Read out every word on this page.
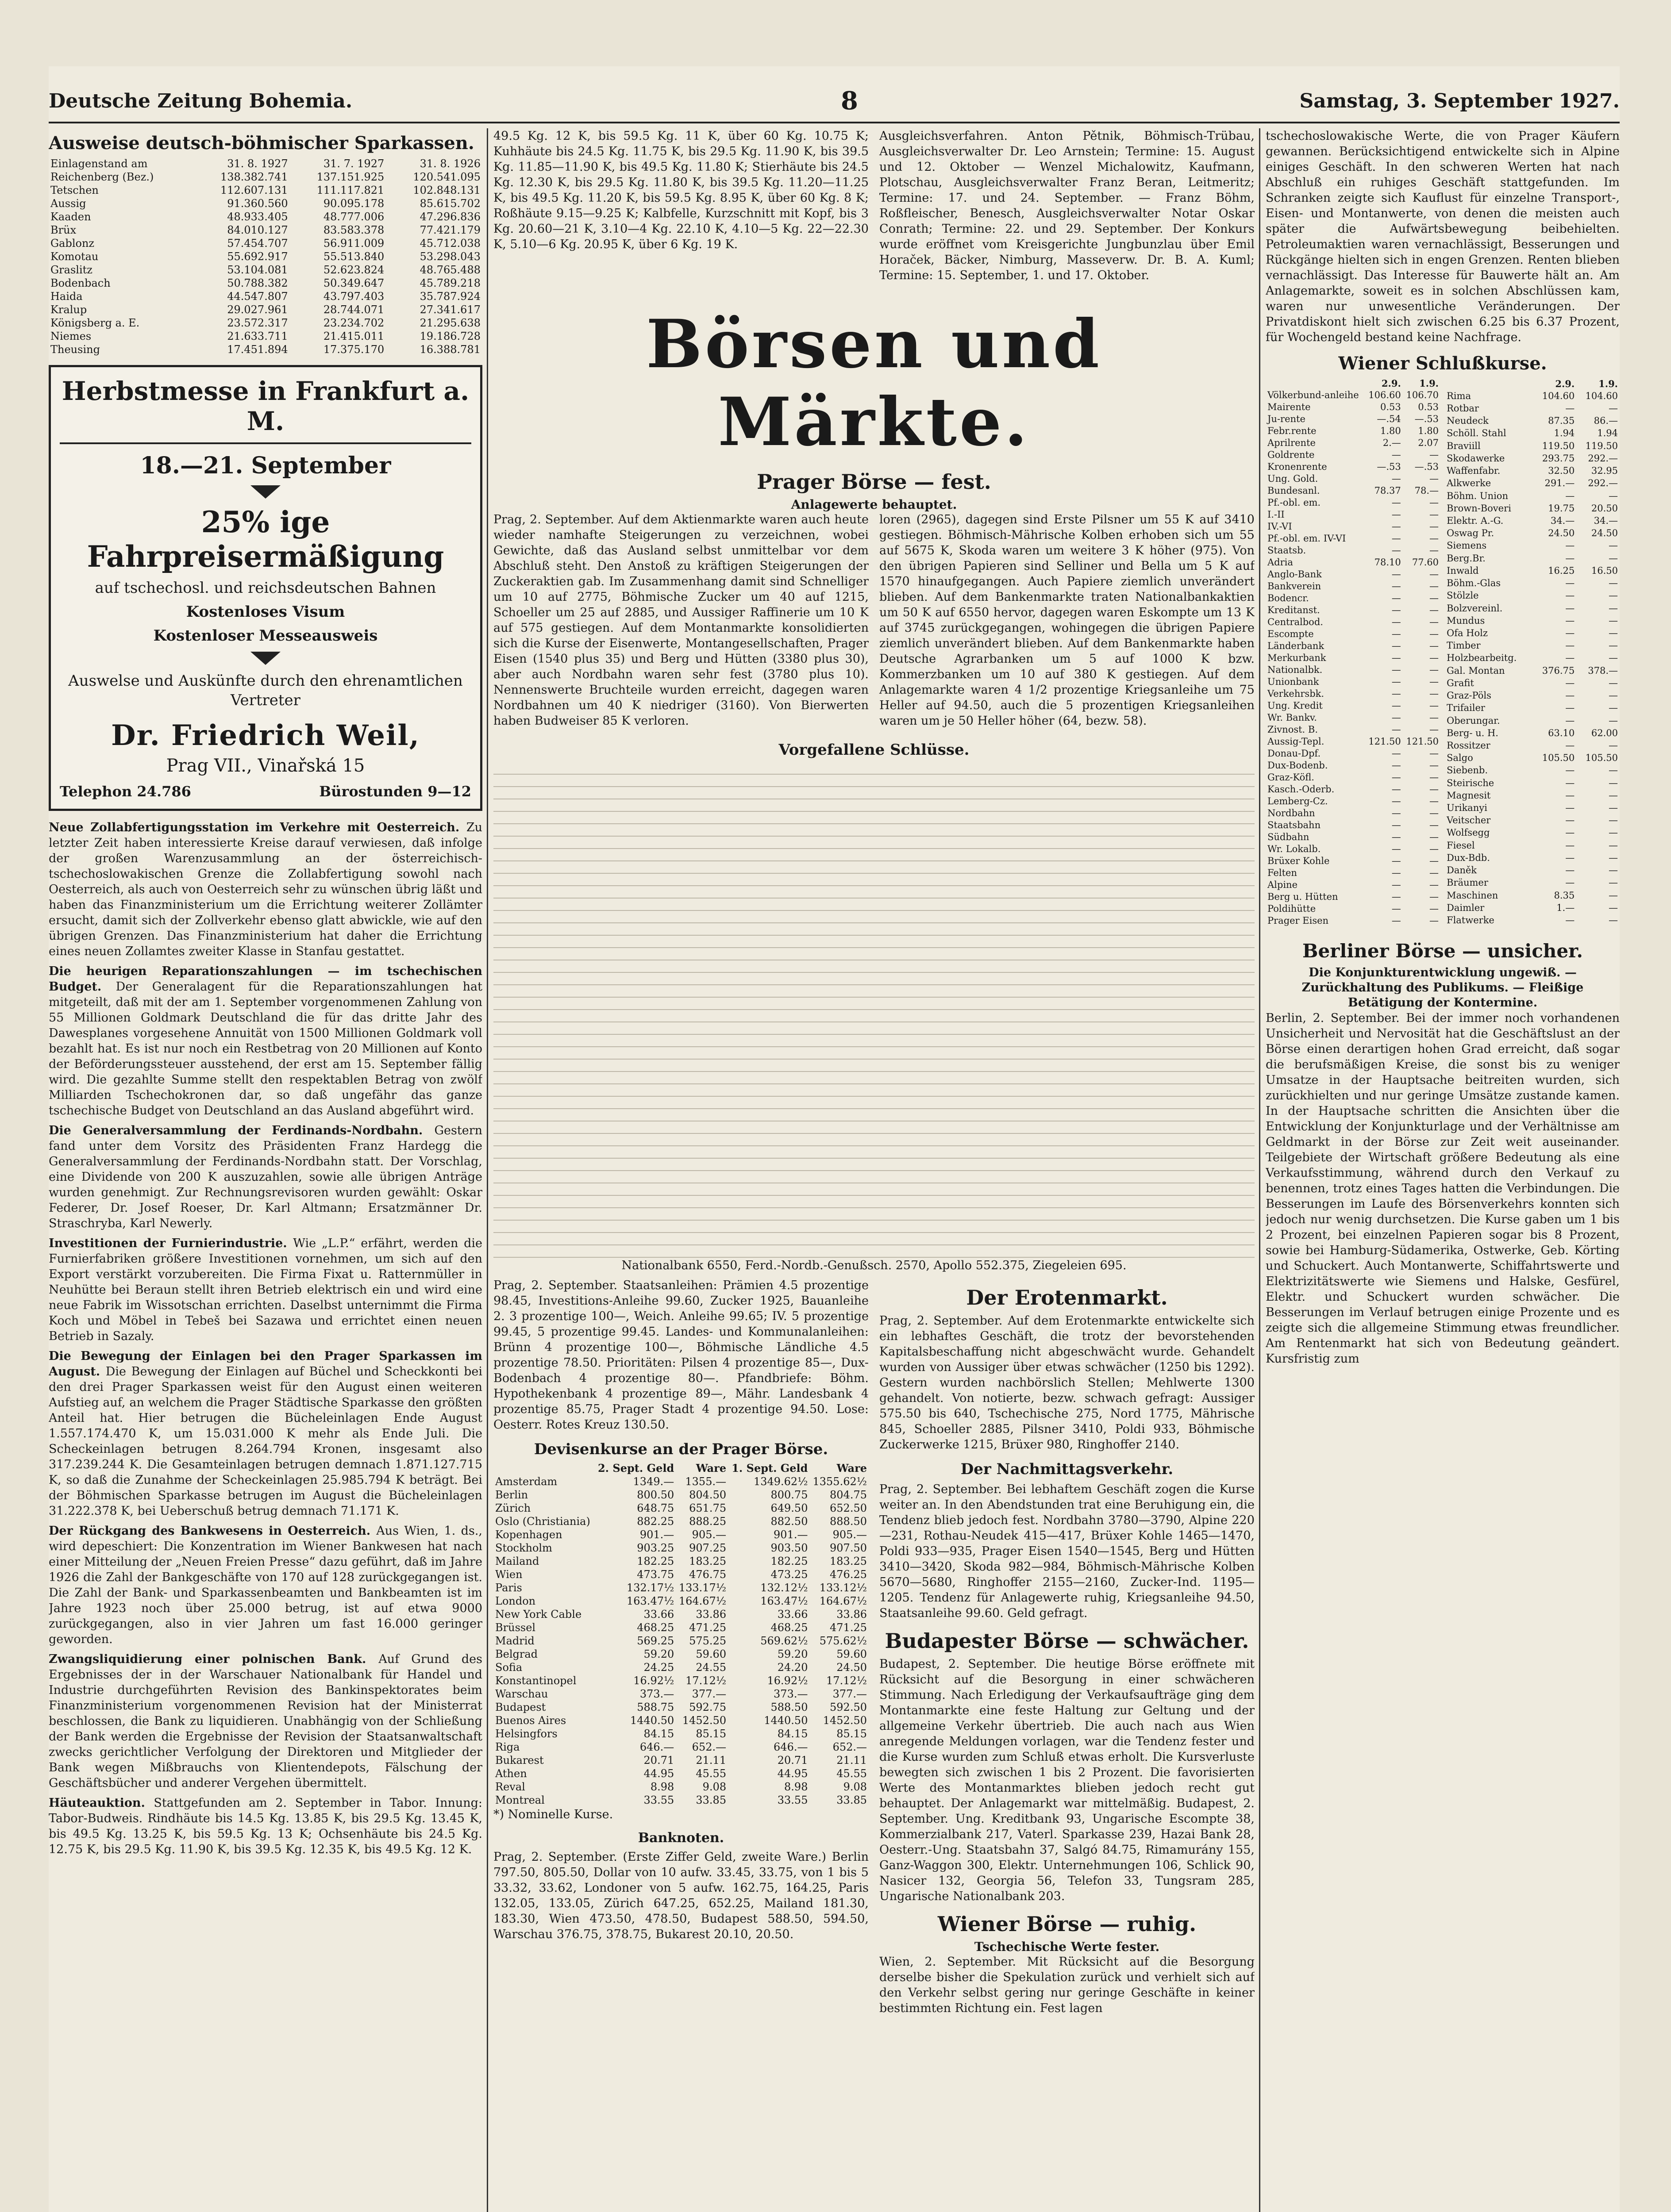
Deutsche Zeitung Bohemia.	8	Samstag, 3. September 1927.
Ausweise deutsch-böhmischer Sparkassen.
Einlagenstand am	31. 8. 1927	31. 7. 1927	31. 8. 1926
Reichenberg (Bez.)	138.382.741	137.151.925	120.541.095
Tetschen	112.607.131	111.117.821	102.848.131
Aussig	91.360.560	90.095.178	85.615.702
Kaaden	48.933.405	48.777.006	47.296.836
Brüx	84.010.127	83.583.378	77.421.179
Gablonz	57.454.707	56.911.009	45.712.038
Komotau	55.692.917	55.513.840	53.298.043
Graslitz	53.104.081	52.623.824	48.765.488
Bodenbach	50.788.382	50.349.647	45.789.218
Haida	44.547.807	43.797.403	35.787.924
Kralup	29.027.961	28.744.071	27.341.617
Königsberg a. E.	23.572.317	23.234.702	21.295.638
Niemes	21.633.711	21.415.011	19.186.728
Theusing	17.451.894	17.375.170	16.388.781
Herbstmesse in Frankfurt a. M.
18.—21. September
25% ige Fahrpreisermäßigung
auf tschechosl. und reichsdeutschen Bahnen
Kostenloses Visum
Kostenloser Messeausweis
Auswelse und Auskünfte durch den ehrenamtlichen Vertreter
Dr. Friedrich Weil,
Prag VII., Vinařská 15
Telephon 24.786	Bürostunden 9—12

Neue Zollabfertigungsstation im Verkehre mit Oesterreich. Zu letzter Zeit haben interessierte Kreise darauf verwiesen, daß infolge der großen Warenzusammlung an der österreichisch-tschechoslowakischen Grenze die Zollabfertigung sowohl nach Oesterreich, als auch von Oesterreich sehr zu wünschen übrig läßt und haben das Finanzministerium um die Errichtung weiterer Zollämter ersucht, damit sich der Zollverkehr ebenso glatt abwickle, wie auf den übrigen Grenzen. Das Finanzministerium hat daher die Errichtung eines neuen Zollamtes zweiter Klasse in Stanfau gestattet.

Die heurigen Reparationszahlungen — im tschechischen Budget. Der Generalagent für die Reparationszahlungen hat mitgeteilt, daß mit der am 1. September vorgenommenen Zahlung von 55 Millionen Goldmark Deutschland die für das dritte Jahr des Dawesplanes vorgesehene Annuität von 1500 Millionen Goldmark voll bezahlt hat. Es ist nur noch ein Restbetrag von 20 Millionen auf Konto der Beförderungssteuer ausstehend, der erst am 15. September fällig wird. Die gezahlte Summe stellt den respektablen Betrag von zwölf Milliarden Tschechokronen dar, so daß ungefähr das ganze tschechische Budget von Deutschland an das Ausland abgeführt wird.

Die Generalversammlung der Ferdinands-Nordbahn. Gestern fand unter dem Vorsitz des Präsidenten Franz Hardegg die Generalversammlung der Ferdinands-Nordbahn statt. Der Vorschlag, eine Dividende von 200 K auszuzahlen, sowie alle übrigen Anträge wurden genehmigt. Zur Rechnungsrevisoren wurden gewählt: Oskar Federer, Dr. Josef Roeser, Dr. Karl Altmann; Ersatzmänner Dr. Straschryba, Karl Newerly.

Investitionen der Furnierindustrie. Wie „L.P.“ erfährt, werden die Furnierfabriken größere Investitionen vornehmen, um sich auf den Export verstärkt vorzubereiten. Die Firma Fixat u. Ratternmüller in Neuhütte bei Beraun stellt ihren Betrieb elektrisch ein und wird eine neue Fabrik im Wissotschan errichten. Daselbst unternimmt die Firma Koch und Möbel in Tebeš bei Sazawa und errichtet einen neuen Betrieb in Sazaly.

Die Bewegung der Einlagen bei den Prager Sparkassen im August. Die Bewegung der Einlagen auf Büchel und Scheckkonti bei den drei Prager Sparkassen weist für den August einen weiteren Aufstieg auf, an welchem die Prager Städtische Sparkasse den größten Anteil hat. Hier betrugen die Bücheleinlagen Ende August 1.557.174.470 K, um 15.031.000 K mehr als Ende Juli. Die Scheckeinlagen betrugen 8.264.794 Kronen, insgesamt also 317.239.244 K. Die Gesamteinlagen betrugen demnach 1.871.127.715 K, so daß die Zunahme der Scheckeinlagen 25.985.794 K beträgt. Bei der Böhmischen Sparkasse betrugen im August die Bücheleinlagen 31.222.378 K, bei Ueberschuß betrug demnach 71.171 K.

Der Rückgang des Bankwesens in Oesterreich. Aus Wien, 1. ds., wird depeschiert: Die Konzentration im Wiener Bankwesen hat nach einer Mitteilung der „Neuen Freien Presse“ dazu geführt, daß im Jahre 1926 die Zahl der Bankgeschäfte von 170 auf 128 zurückgegangen ist. Die Zahl der Bank- und Sparkassenbeamten und Bankbeamten ist im Jahre 1923 noch über 25.000 betrug, ist auf etwa 9000 zurückgegangen, also in vier Jahren um fast 16.000 geringer geworden.

Zwangsliquidierung einer polnischen Bank. Auf Grund des Ergebnisses der in der Warschauer Nationalbank für Handel und Industrie durchgeführten Revision des Bankinspektorates beim Finanzministerium vorgenommenen Revision hat der Ministerrat beschlossen, die Bank zu liquidieren. Unabhängig von der Schließung der Bank werden die Ergebnisse der Revision der Staatsanwaltschaft zwecks gerichtlicher Verfolgung der Direktoren und Mitglieder der Bank wegen Mißbrauchs von Klientendepots, Fälschung der Geschäftsbücher und anderer Vergehen übermittelt.

Häuteauktion. Stattgefunden am 2. September in Tabor. Innung: Tabor-Budweis. Rindhäute bis 14.5 Kg. 13.85 K, bis 29.5 Kg. 13.45 K, bis 49.5 Kg. 13.25 K, bis 59.5 Kg. 13 K; Ochsenhäute bis 24.5 Kg. 12.75 K, bis 29.5 Kg. 11.90 K, bis 39.5 Kg. 12.35 K, bis 49.5 Kg. 12 K.

49.5 Kg. 12 K, bis 59.5 Kg. 11 K, über 60 Kg. 10.75 K; Kuhhäute bis 24.5 Kg. 11.75 K, bis 29.5 Kg. 11.90 K, bis 39.5 Kg. 11.85—11.90 K, bis 49.5 Kg. 11.80 K; Stierhäute bis 24.5 Kg. 12.30 K, bis 29.5 Kg. 11.80 K, bis 39.5 Kg. 11.20—11.25 K, bis 49.5 Kg. 11.20 K, bis 59.5 Kg. 8.95 K, über 60 Kg. 8 K; Roßhäute 9.15—9.25 K; Kalbfelle, Kurzschnitt mit Kopf, bis 3 Kg. 20.60—21 K, 3.10—4 Kg. 22.10 K, 4.10—5 Kg. 22—22.30 K, 5.10—6 Kg. 20.95 K, über 6 Kg. 19 K.

Ausgleichsverfahren. Anton Pětnik, Böhmisch-Trübau, Ausgleichsverwalter Dr. Leo Arnstein; Termine: 15. August und 12. Oktober — Wenzel Michalowitz, Kaufmann, Plotschau, Ausgleichsverwalter Franz Beran, Leitmeritz; Termine: 17. und 24. September. — Franz Böhm, Roßfleischer, Benesch, Ausgleichsverwalter Notar Oskar Conrath; Termine: 22. und 29. September. Der Konkurs wurde eröffnet vom Kreisgerichte Jungbunzlau über Emil Horaček, Bäcker, Nimburg, Masseverw. Dr. B. A. Kuml; Termine: 15. September, 1. und 17. Oktober.

Börsen und Märkte.
Prager Börse — fest.
Anlagewerte behauptet.

Prag, 2. September. Auf dem Aktienmarkte waren auch heute wieder namhafte Steigerungen zu verzeichnen, wobei Gewichte, daß das Ausland selbst unmittelbar vor dem Abschluß steht. Den Anstoß zu kräftigen Steigerungen der Zuckeraktien gab. Im Zusammenhang damit sind Schnelliger um 10 auf 2775, Böhmische Zucker um 40 auf 1215, Schoeller um 25 auf 2885, und Aussiger Raffinerie um 10 K auf 575 gestiegen. Auf dem Montanmarkte konsolidierten sich die Kurse der Eisenwerte, Montangesellschaften, Prager Eisen (1540 plus 35) und Berg und Hütten (3380 plus 30), aber auch Nordbahn waren sehr fest (3780 plus 10). Nennenswerte Bruchteile wurden erreicht, dagegen waren Nordbahnen um 40 K niedriger (3160). Von Bierwerten haben Budweiser 85 K verloren.

loren (2965), dagegen sind Erste Pilsner um 55 K auf 3410 gestiegen. Böhmisch-Mährische Kolben erhoben sich um 55 auf 5675 K, Skoda waren um weitere 3 K höher (975). Von den übrigen Papieren sind Selliner und Bella um 5 K auf 1570 hinaufgegangen. Auch Papiere ziemlich unverändert blieben. Auf dem Bankenmarkte traten Nationalbankaktien um 50 K auf 6550 hervor, dagegen waren Eskompte um 13 K auf 3745 zurückgegangen, wohingegen die übrigen Papiere ziemlich unverändert blieben. Auf dem Bankenmarkte haben Deutsche Agrarbanken um 5 auf 1000 K bzw. Kommerzbanken um 10 auf 380 K gestiegen. Auf dem Anlagemarkte waren 4 1/2 prozentige Kriegsanleihe um 75 Heller auf 94.50, auch die 5 prozentigen Kriegsanleihen waren um je 50 Heller höher (64, bezw. 58).

Vorgefallene Schlüsse.

Nationalbank 6550, Ferd.-Nordb.-Genußsch. 2570, Apollo 552.375, Ziegeleien 695.

Prag, 2. September. Staatsanleihen: Prämien 4.5 prozentige 98.45, Investitions-Anleihe 99.60, Zucker 1925, Bauanleihe 2. 3 prozentige 100—, Weich. Anleihe 99.65; IV. 5 prozentige 99.45, 5 prozentige 99.45. Landes- und Kommunalanleihen: Brünn 4 prozentige 100—, Böhmische Ländliche 4.5 prozentige 78.50. Prioritäten: Pilsen 4 prozentige 85—, Dux-Bodenbach 4 prozentige 80—. Pfandbriefe: Böhm. Hypothekenbank 4 prozentige 89—, Mähr. Landesbank 4 prozentige 85.75, Prager Stadt 4 prozentige 94.50. Lose: Oesterr. Rotes Kreuz 130.50.

Devisenkurse an der Prager Börse.
	2. Sept. Geld	Ware	1. Sept. Geld	Ware
Amsterdam	1349.—	1355.—	1349.62½	1355.62½
Berlin	800.50	804.50	800.75	804.75
Zürich	648.75	651.75	649.50	652.50
Oslo (Christiania)	882.25	888.25	882.50	888.50
Kopenhagen	901.—	905.—	901.—	905.—
Stockholm	903.25	907.25	903.50	907.50
Mailand	182.25	183.25	182.25	183.25
Wien	473.75	476.75	473.25	476.25
Paris	132.17½	133.17½	132.12½	133.12½
London	163.47½	164.67½	163.47½	164.67½
New York Cable	33.66	33.86	33.66	33.86
Brüssel	468.25	471.25	468.25	471.25
Madrid	569.25	575.25	569.62½	575.62½
Belgrad	59.20	59.60	59.20	59.60
Sofia	24.25	24.55	24.20	24.50
Konstantinopel	16.92½	17.12½	16.92½	17.12½
Warschau	373.—	377.—	373.—	377.—
Budapest	588.75	592.75	588.50	592.50
Buenos Aires	1440.50	1452.50	1440.50	1452.50
Helsingfors	84.15	85.15	84.15	85.15
Riga	646.—	652.—	646.—	652.—
Bukarest	20.71	21.11	20.71	21.11
Athen	44.95	45.55	44.95	45.55
Reval	8.98	9.08	8.98	9.08
Montreal	33.55	33.85	33.55	33.85

*) Nominelle Kurse.

Banknoten.

Prag, 2. September. (Erste Ziffer Geld, zweite Ware.) Berlin 797.50, 805.50, Dollar von 10 aufw. 33.45, 33.75, von 1 bis 5 33.32, 33.62, Londoner von 5 aufw. 162.75, 164.25, Paris 132.05, 133.05, Zürich 647.25, 652.25, Mailand 181.30, 183.30, Wien 473.50, 478.50, Budapest 588.50, 594.50, Warschau 376.75, 378.75, Bukarest 20.10, 20.50.

Der Erotenmarkt.

Prag, 2. September. Auf dem Erotenmarkte entwickelte sich ein lebhaftes Geschäft, die trotz der bevorstehenden Kapitalsbeschaffung nicht abgeschwächt wurde. Gehandelt wurden von Aussiger über etwas schwächer (1250 bis 1292). Gestern wurden nachbörslich Stellen; Mehlwerte 1300 gehandelt. Von notierte, bezw. schwach gefragt: Aussiger 575.50 bis 640, Tschechische 275, Nord 1775, Mährische 845, Schoeller 2885, Pilsner 3410, Poldi 933, Böhmische Zuckerwerke 1215, Brüxer 980, Ringhoffer 2140.

Der Nachmittagsverkehr.

Prag, 2. September. Bei lebhaftem Geschäft zogen die Kurse weiter an. In den Abendstunden trat eine Beruhigung ein, die Tendenz blieb jedoch fest. Nordbahn 3780—3790, Alpine 220—231, Rothau-Neudek 415—417, Brüxer Kohle 1465—1470, Poldi 933—935, Prager Eisen 1540—1545, Berg und Hütten 3410—3420, Skoda 982—984, Böhmisch-Mährische Kolben 5670—5680, Ringhoffer 2155—2160, Zucker-Ind. 1195—1205. Tendenz für Anlagewerte ruhig, Kriegsanleihe 94.50, Staatsanleihe 99.60. Geld gefragt.

Budapester Börse — schwächer.

Budapest, 2. September. Die heutige Börse eröffnete mit Rücksicht auf die Besorgung in einer schwächeren Stimmung. Nach Erledigung der Verkaufsaufträge ging dem Montanmarkte eine feste Haltung zur Geltung und der allgemeine Verkehr übertrieb. Die auch nach aus Wien anregende Meldungen vorlagen, war die Tendenz fester und die Kurse wurden zum Schluß etwas erholt. Die Kursverluste bewegten sich zwischen 1 bis 2 Prozent. Die favorisierten Werte des Montanmarktes blieben jedoch recht gut behauptet. Der Anlagemarkt war mittelmäßig. Budapest, 2. September. Ung. Kreditbank 93, Ungarische Escompte 38, Kommerzialbank 217, Vaterl. Sparkasse 239, Hazai Bank 28, Oesterr.-Ung. Staatsbahn 37, Salgó 84.75, Rimamurány 155, Ganz-Waggon 300, Elektr. Unternehmungen 106, Schlick 90, Nasicer 132, Georgia 56, Telefon 33, Tungsram 285, Ungarische Nationalbank 203.

Wiener Börse — ruhig.
Tschechische Werte fester.

Wien, 2. September. Mit Rücksicht auf die Besorgung derselbe bisher die Spekulation zurück und verhielt sich auf den Verkehr selbst gering nur geringe Geschäfte in keiner bestimmten Richtung ein. Fest lagen

tschechoslowakische Werte, die von Prager Käufern gewannen. Berücksichtigend entwickelte sich in Alpine einiges Geschäft. In den schweren Werten hat nach Abschluß ein ruhiges Geschäft stattgefunden. Im Schranken zeigte sich Kauflust für einzelne Transport-, Eisen- und Montanwerte, von denen die meisten auch später die Aufwärtsbewegung beibehielten. Petroleumaktien waren vernachlässigt, Besserungen und Rückgänge hielten sich in engen Grenzen. Renten blieben vernachlässigt. Das Interesse für Bauwerte hält an. Am Anlagemarkte, soweit es in solchen Abschlüssen kam, waren nur unwesentliche Veränderungen. Der Privatdiskont hielt sich zwischen 6.25 bis 6.37 Prozent, für Wochengeld bestand keine Nachfrage.

Wiener Schlußkurse.
	2.9.	1.9.
Völkerbund-anleihe	106.60	106.70
Mairente	0.53	0.53
Ju-rente	—.54	—.53
Febr.rente	1.80	1.80
Aprilrente	2.—	2.07
Goldrente	—	—
Kronenrente	—.53	—.53
Ung. Gold.	—	—
Bundesanl.	78.37	78.—
Pf.-obl. em.	—	—
I.-II	—	—
IV.-VI	—	—
Pf.-obl. em. IV-VI	—	—
Staatsb.	—	—
Adria	78.10	77.60
Anglo-Bank	—	—
Bankverein	—	—
Bodencr.	—	—
Kreditanst.	—	—
Centralbod.	—	—
Escompte	—	—
Länderbank	—	—
Merkurbank	—	—
Nationalbk.	—	—
Unionbank	—	—
Verkehrsbk.	—	—
Ung. Kredit	—	—
Wr. Bankv.	—	—
Zivnost. B.	—	—
Aussig-Tepl.	121.50	121.50
Donau-Dpf.	—	—
Dux-Bodenb.	—	—
Graz-Köfl.	—	—
Kasch.-Oderb.	—	—
Lemberg-Cz.	—	—
Nordbahn	—	—
Staatsbahn	—	—
Südbahn	—	—
Wr. Lokalb.	—	—
Brüxer Kohle	—	—
Felten	—	—
Alpine	—	—
Berg u. Hütten	—	—
Poldihütte	—	—
Prager Eisen	—	—
	2.9.	1.9.
Rima	104.60	104.60
Rotbar	—	—
Neudeck	87.35	86.—
Schöll. Stahl	1.94	1.94
Braviill	119.50	119.50
Skodawerke	293.75	292.—
Waffenfabr.	32.50	32.95
Alkwerke	291.—	292.—
Böhm. Union	—	—
Brown-Boveri	19.75	20.50
Elektr. A.-G.	34.—	34.—
Oswag Pr.	24.50	24.50
Siemens	—	—
Berg.Br.	—	—
Inwald	16.25	16.50
Böhm.-Glas	—	—
Stölzle	—	—
Bolzvereinl.	—	—
Mundus	—	—
Ofa Holz	—	—
Timber	—	—
Holzbearbeitg.	—	—
Gal. Montan	376.75	378.—
Grafit	—	—
Graz-Pöls	—	—
Trifailer	—	—
Oberungar.	—	—
Berg- u. H.	63.10	62.00
Rossitzer	—	—
Salgo	105.50	105.50
Siebenb.	—	—
Steirische	—	—
Magnesit	—	—
Urikanyi	—	—
Veitscher	—	—
Wolfsegg	—	—
Fiesel	—	—
Dux-Bdb.	—	—
Daněk	—	—
Bräumer	—	—
Maschinen	8.35	—
Daimler	1.—	—
Flatwerke	—	—
Berliner Börse — unsicher.
Die Konjunkturentwicklung ungewiß. — Zurückhaltung des Publikums. — Fleißige Betätigung der Kontermine.

Berlin, 2. September. Bei der immer noch vorhandenen Unsicherheit und Nervosität hat die Geschäftslust an der Börse einen derartigen hohen Grad erreicht, daß sogar die berufsmäßigen Kreise, die sonst bis zu weniger Umsatze in der Hauptsache beitreiten wurden, sich zurückhielten und nur geringe Umsätze zustande kamen. In der Hauptsache schritten die Ansichten über die Entwicklung der Konjunkturlage und der Verhältnisse am Geldmarkt in der Börse zur Zeit weit auseinander. Teilgebiete der Wirtschaft größere Bedeutung als eine Verkaufsstimmung, während durch den Verkauf zu benennen, trotz eines Tages hatten die Verbindungen. Die Besserungen im Laufe des Börsenverkehrs konnten sich jedoch nur wenig durchsetzen. Die Kurse gaben um 1 bis 2 Prozent, bei einzelnen Papieren sogar bis 8 Prozent, sowie bei Hamburg-Südamerika, Ostwerke, Geb. Körting und Schuckert. Auch Montanwerte, Schiffahrtswerte und Elektrizitätswerte wie Siemens und Halske, Gesfürel, Elektr. und Schuckert wurden schwächer. Die Besserungen im Verlauf betrugen einige Prozente und es zeigte sich die allgemeine Stimmung etwas freundlicher. Am Rentenmarkt hat sich von Bedeutung geändert. Kursfristig zum
